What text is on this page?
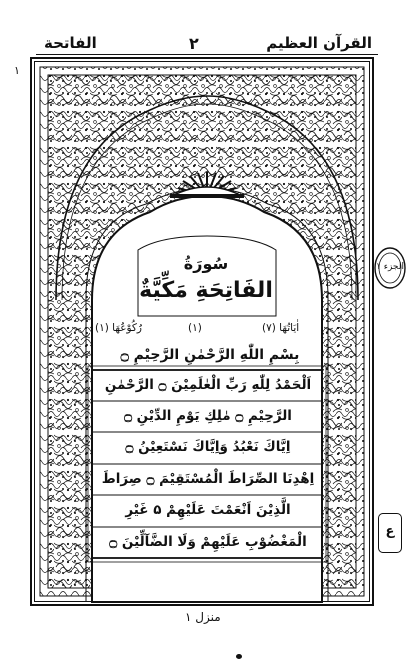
الفاتحة	٢	القرآن العظيم
١
سُورَةُ
الفَاتِحَةِ مَكِّيَّةٌ
رُكُوْعُهَا (١)	(١)	اٰيَاتُهَا (٧)
بِسْمِ اللّٰهِ الرَّحْمٰنِ الرَّحِيْمِ ۝
اَلْحَمْدُ لِلّٰهِ رَبِّ الْعٰلَمِيْنَ ۝ الرَّحْمٰنِ
الرَّحِيْمِ ۝ مٰلِكِ يَوْمِ الدِّيْنِ ۝
اِيَّاكَ نَعْبُدُ وَاِيَّاكَ نَسْتَعِيْنُ ۝
اِهْدِنَا الصِّرَاطَ الْمُسْتَقِيْمَ ۝ صِرَاطَ
الَّذِيْنَ اَنْعَمْتَ عَلَيْهِمْ ۵ غَيْرِ
الْمَغْضُوْبِ عَلَيْهِمْ وَلَا الضَّآلِّيْنَ ۝
الجزء ١
ع
منزل ١
